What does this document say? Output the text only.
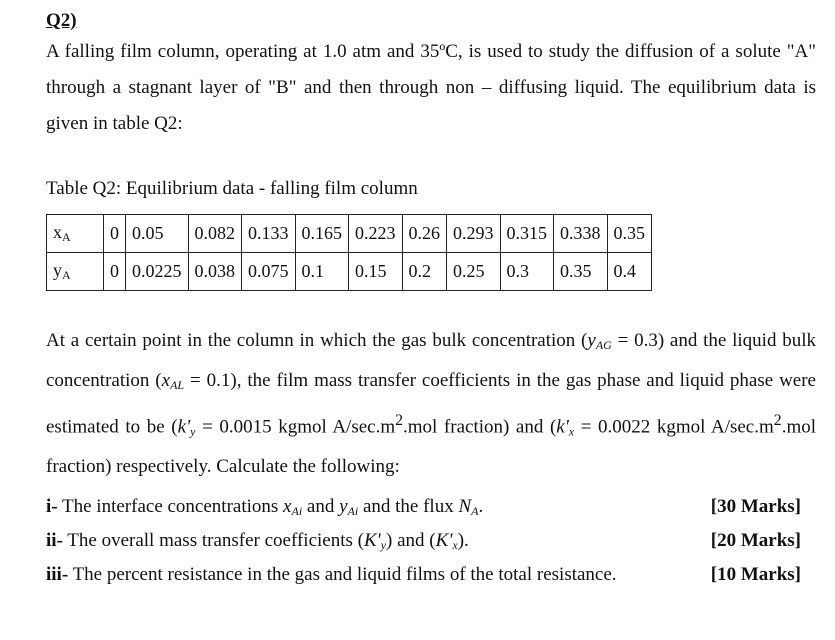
Q2)
A falling film column, operating at 1.0 atm and 35ºC, is used to study the diffusion of a solute "A" through a stagnant layer of "B" and then through non – diffusing liquid. The equilibrium data is given in table Q2:
Table Q2: Equilibrium data - falling film column
$x_A$	0	0.05	0.082	0.133	0.165	0.223	0.26	0.293	0.315	0.338	0.35
$y_A$	0	0.0225	0.038	0.075	0.1	0.15	0.2	0.25	0.3	0.35	0.4
At a certain point in the column in which the gas bulk concentration $(y_{AG} = 0.3)$ and the liquid bulk concentration $(x_{AL} = 0.1)$, the film mass transfer coefficients in the gas phase and liquid phase were estimated to be ($k'_y = 0.0015$ kgmol $A/\sec.m^2.mol$ fraction) and ($k'_x = 0.0022$ kgmol $A/\sec.m^2.mol$ fraction) respectively. Calculate the following:
i- The interface concentrations $x_{Ai}$ and $y_{Ai}$ and the flux $N_A$.	[30 Marks]
ii- The overall mass transfer coefficients $(K'_y)$ and $(K'_x)$.	[20 Marks]
iii- The percent resistance in the gas and liquid films of the total resistance.	[10 Marks]
